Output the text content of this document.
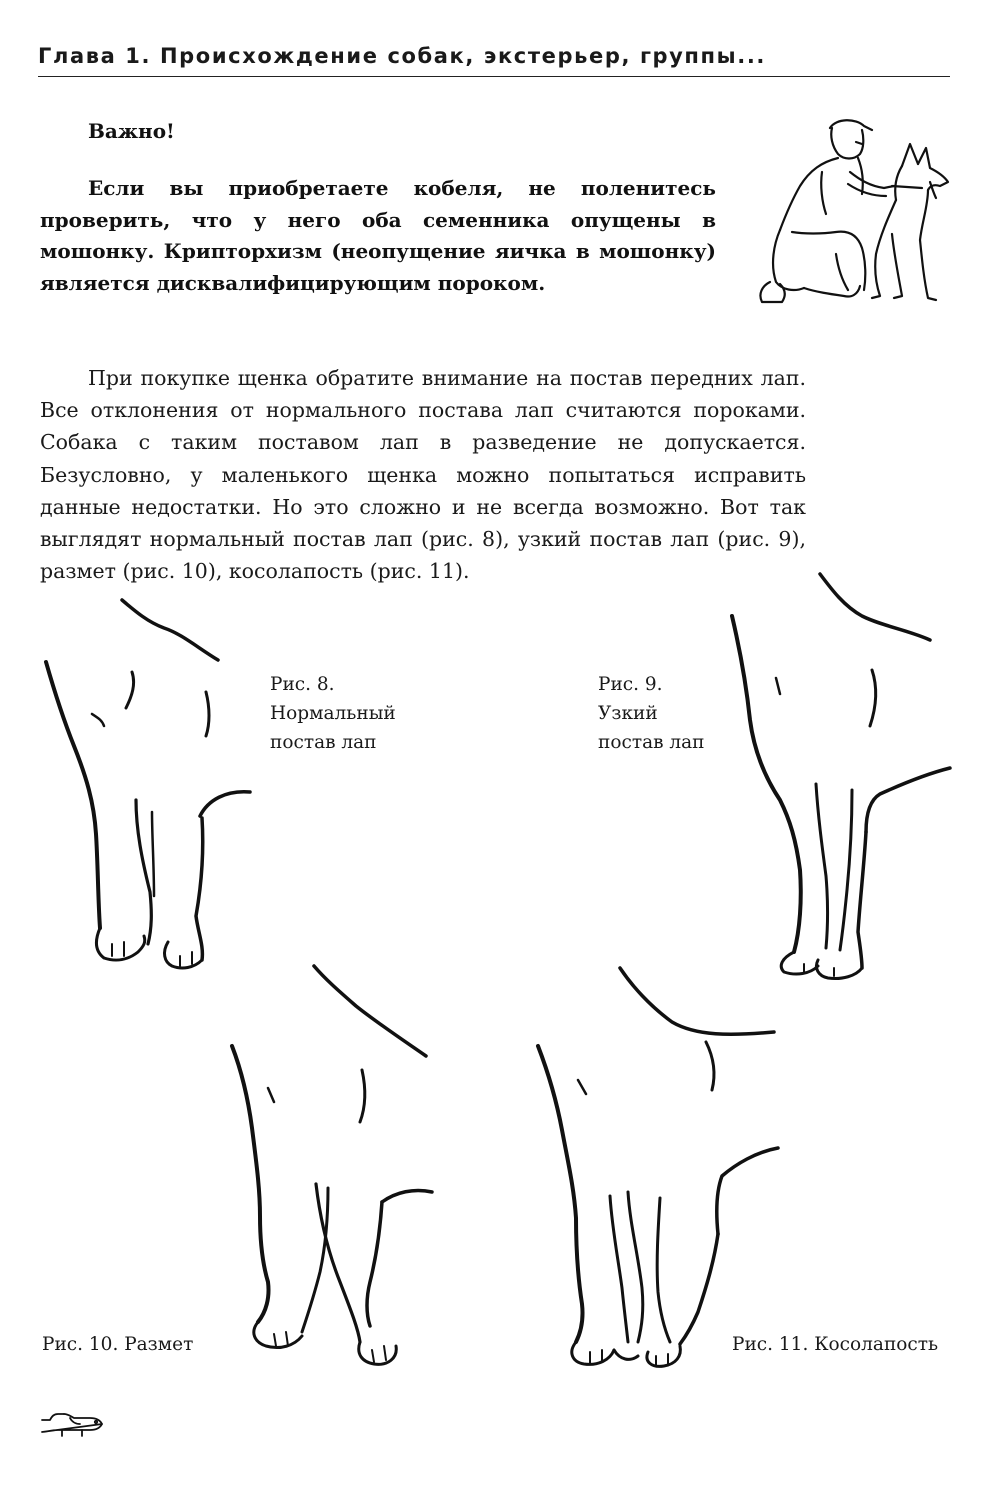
Глава 1. Происхождение собак, экстерьер, группы...
Важно!
Если вы приобретаете кобеля, не поленитесь проверить, что у него оба семенника опущены в мошонку. Крипторхизм (неопущение яичка в мошонку) является дисквалифицирующим пороком.
При покупке щенка обратите внимание на постав передних лап. Все отклонения от нормального постава лап считаются пороками. Собака с таким поставом лап в разведение не допускается. Безусловно, у маленького щенка можно попытаться исправить данные недостатки. Но это сложно и не всегда возможно. Вот так выглядят нормальный постав лап (рис. 8), узкий постав лап (рис. 9), размет (рис. 10), косолапость (рис. 11).
Рис. 8.
Нормальный
постав лап
Рис. 9.
Узкий
постав лап
Рис. 10. Размет	Рис. 11. Косолапость
